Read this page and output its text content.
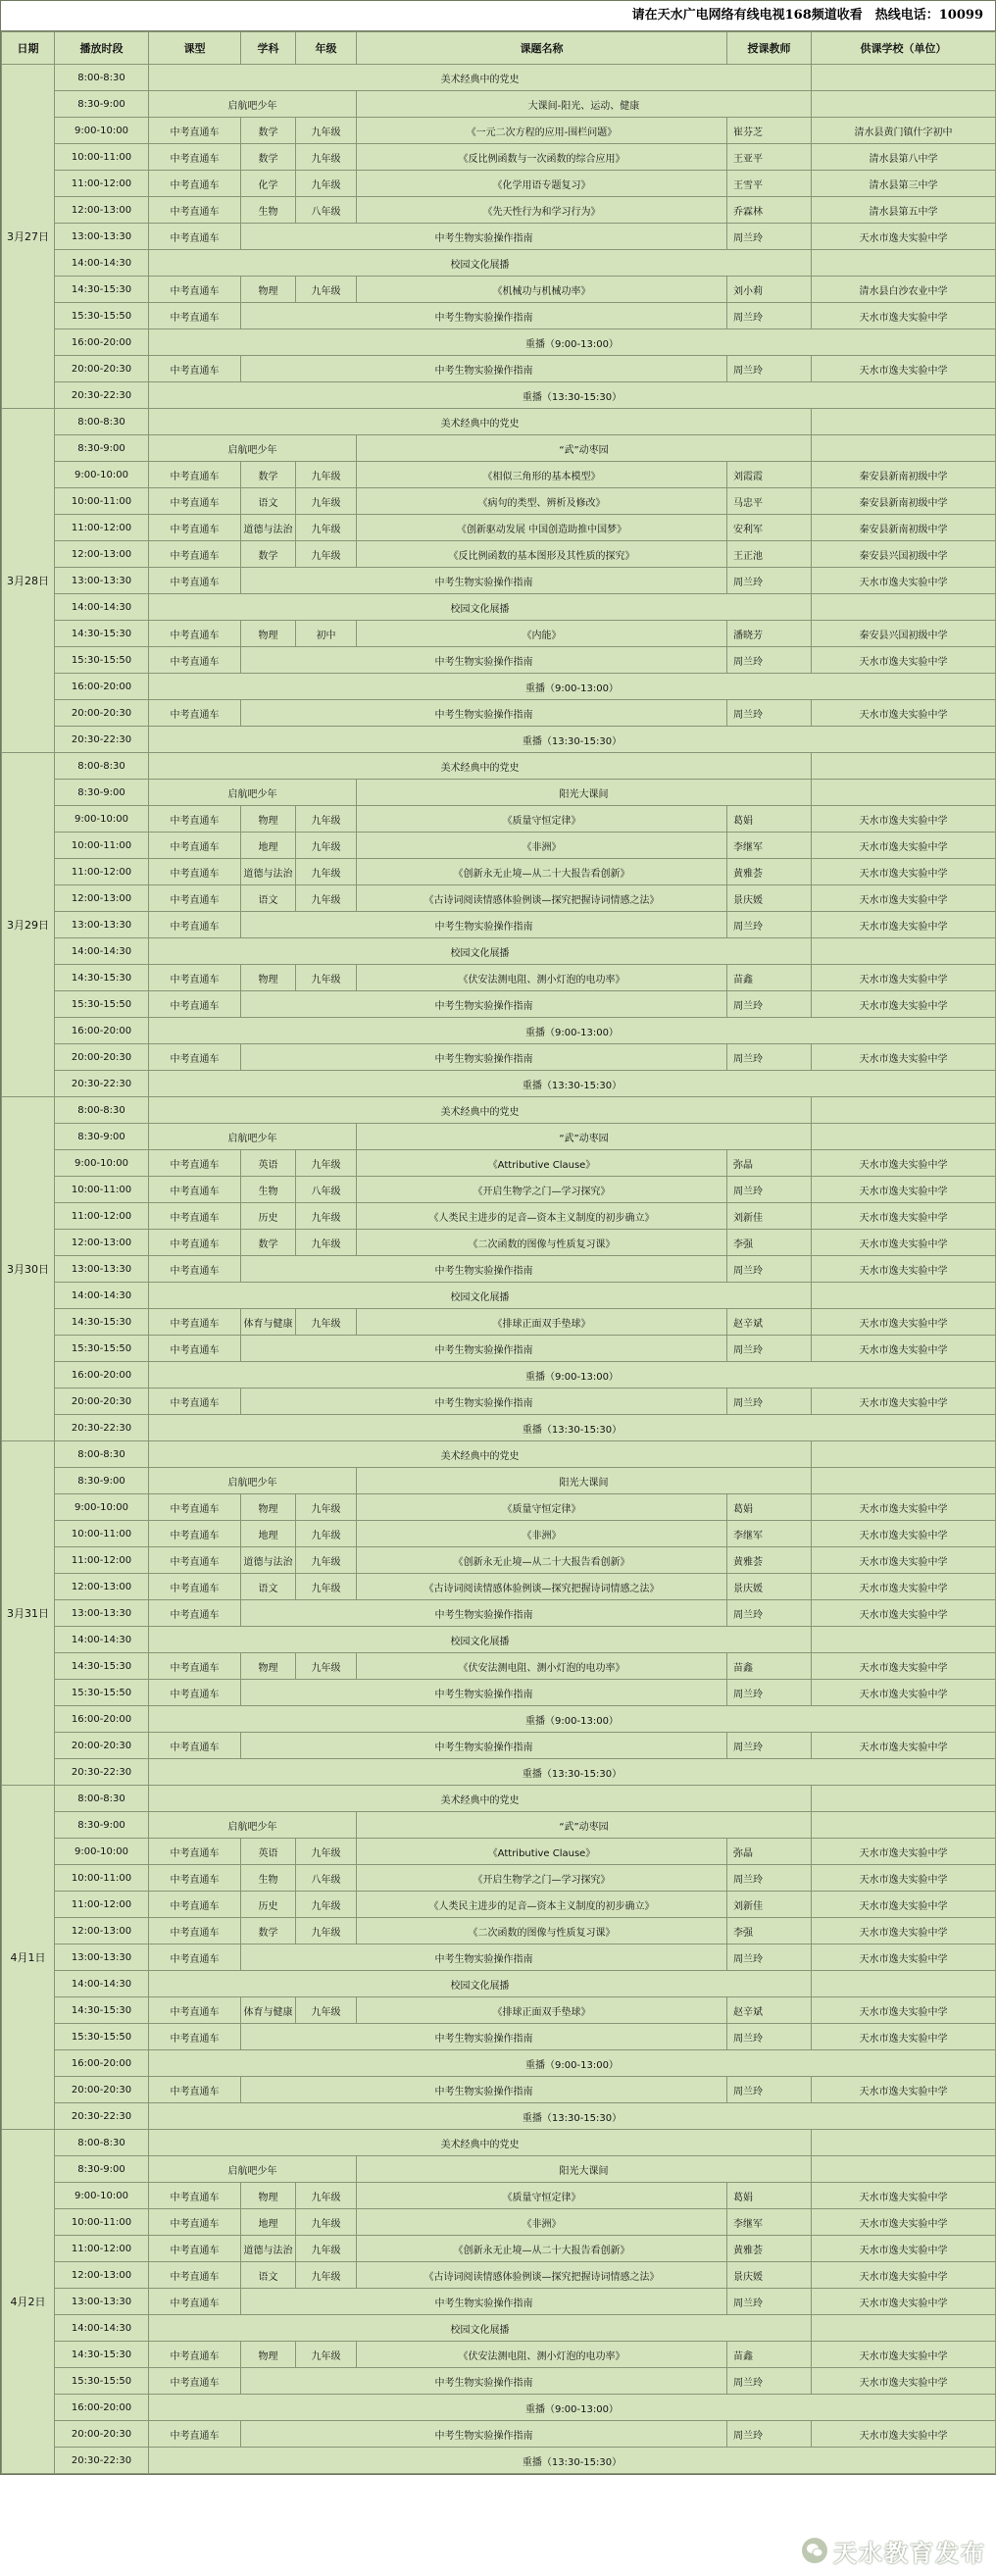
请在天水广电网络有线电视168频道收看　热线电话：10099
日期	播放时段	课型	学科	年级	课题名称	授课教师	供课学校（单位）	
3月27日	8:00-8:30	美术经典中的党史		
	8:30-9:00	启航吧少年			大课间-阳光、运动、健康		
	9:00-10:00	中考直通车	数学	九年级	《一元二次方程的应用-围栏问题》	崔芬芝	清水县黄门镇什字初中	
	10:00-11:00	中考直通车	数学	九年级	《反比例函数与一次函数的综合应用》	王亚平	清水县第八中学	
	11:00-12:00	中考直通车	化学	九年级	《化学用语专题复习》	王雪平	清水县第三中学	
	12:00-13:00	中考直通车	生物	八年级	《先天性行为和学习行为》	乔霖林	清水县第五中学	
	13:00-13:30	中考直通车	中考生物实验操作指南			周兰玲	天水市逸夫实验中学	
	14:00-14:30	校园文化展播		
	14:30-15:30	中考直通车	物理	九年级	《机械功与机械功率》	刘小莉	清水县白沙农业中学	
	15:30-15:50	中考直通车	中考生物实验操作指南			周兰玲	天水市逸夫实验中学	
	16:00-20:00	重播（9:00-13:00）						
	20:00-20:30	中考直通车	中考生物实验操作指南			周兰玲	天水市逸夫实验中学	
	20:30-22:30	重播（13:30-15:30）						
3月28日	8:00-8:30	美术经典中的党史		
	8:30-9:00	启航吧少年			“武”动枣园		
	9:00-10:00	中考直通车	数学	九年级	《相似三角形的基本模型》	刘霞霞	秦安县新南初级中学	
	10:00-11:00	中考直通车	语文	九年级	《病句的类型、辨析及修改》	马忠平	秦安县新南初级中学	
	11:00-12:00	中考直通车	道德与法治	九年级	《创新驱动发展 中国创造助推中国梦》	安利军	秦安县新南初级中学	
	12:00-13:00	中考直通车	数学	九年级	《反比例函数的基本图形及其性质的探究》	王正池	秦安县兴国初级中学	
	13:00-13:30	中考直通车	中考生物实验操作指南			周兰玲	天水市逸夫实验中学	
	14:00-14:30	校园文化展播		
	14:30-15:30	中考直通车	物理	初中	《内能》	潘晓芳	秦安县兴国初级中学	
	15:30-15:50	中考直通车	中考生物实验操作指南			周兰玲	天水市逸夫实验中学	
	16:00-20:00	重播（9:00-13:00）						
	20:00-20:30	中考直通车	中考生物实验操作指南			周兰玲	天水市逸夫实验中学	
	20:30-22:30	重播（13:30-15:30）						
3月29日	8:00-8:30	美术经典中的党史		
	8:30-9:00	启航吧少年			阳光大课间		
	9:00-10:00	中考直通车	物理	九年级	《质量守恒定律》	葛娟	天水市逸夫实验中学	
	10:00-11:00	中考直通车	地理	九年级	《非洲》	李继军	天水市逸夫实验中学	
	11:00-12:00	中考直通车	道德与法治	九年级	《创新永无止境—从二十大报告看创新》	黄雅荟	天水市逸夫实验中学	
	12:00-13:00	中考直通车	语文	九年级	《古诗词阅读情感体验例谈—探究把握诗词情感之法》	景庆媛	天水市逸夫实验中学	
	13:00-13:30	中考直通车	中考生物实验操作指南			周兰玲	天水市逸夫实验中学	
	14:00-14:30	校园文化展播		
	14:30-15:30	中考直通车	物理	九年级	《伏安法测电阻、测小灯泡的电功率》	苗鑫	天水市逸夫实验中学	
	15:30-15:50	中考直通车	中考生物实验操作指南			周兰玲	天水市逸夫实验中学	
	16:00-20:00	重播（9:00-13:00）						
	20:00-20:30	中考直通车	中考生物实验操作指南			周兰玲	天水市逸夫实验中学	
	20:30-22:30	重播（13:30-15:30）						
3月30日	8:00-8:30	美术经典中的党史		
	8:30-9:00	启航吧少年			“武”动枣园		
	9:00-10:00	中考直通车	英语	九年级	《Attributive Clause》	弥晶	天水市逸夫实验中学	
	10:00-11:00	中考直通车	生物	八年级	《开启生物学之门—学习探究》	周兰玲	天水市逸夫实验中学	
	11:00-12:00	中考直通车	历史	九年级	《人类民主进步的足音—资本主义制度的初步确立》	刘新佳	天水市逸夫实验中学	
	12:00-13:00	中考直通车	数学	九年级	《二次函数的图像与性质复习课》	李强	天水市逸夫实验中学	
	13:00-13:30	中考直通车	中考生物实验操作指南			周兰玲	天水市逸夫实验中学	
	14:00-14:30	校园文化展播		
	14:30-15:30	中考直通车	体育与健康	九年级	《排球正面双手垫球》	赵辛斌	天水市逸夫实验中学	
	15:30-15:50	中考直通车	中考生物实验操作指南			周兰玲	天水市逸夫实验中学	
	16:00-20:00	重播（9:00-13:00）						
	20:00-20:30	中考直通车	中考生物实验操作指南			周兰玲	天水市逸夫实验中学	
	20:30-22:30	重播（13:30-15:30）						
3月31日	8:00-8:30	美术经典中的党史		
	8:30-9:00	启航吧少年			阳光大课间		
	9:00-10:00	中考直通车	物理	九年级	《质量守恒定律》	葛娟	天水市逸夫实验中学	
	10:00-11:00	中考直通车	地理	九年级	《非洲》	李继军	天水市逸夫实验中学	
	11:00-12:00	中考直通车	道德与法治	九年级	《创新永无止境—从二十大报告看创新》	黄雅荟	天水市逸夫实验中学	
	12:00-13:00	中考直通车	语文	九年级	《古诗词阅读情感体验例谈—探究把握诗词情感之法》	景庆媛	天水市逸夫实验中学	
	13:00-13:30	中考直通车	中考生物实验操作指南			周兰玲	天水市逸夫实验中学	
	14:00-14:30	校园文化展播		
	14:30-15:30	中考直通车	物理	九年级	《伏安法测电阻、测小灯泡的电功率》	苗鑫	天水市逸夫实验中学	
	15:30-15:50	中考直通车	中考生物实验操作指南			周兰玲	天水市逸夫实验中学	
	16:00-20:00	重播（9:00-13:00）						
	20:00-20:30	中考直通车	中考生物实验操作指南			周兰玲	天水市逸夫实验中学	
	20:30-22:30	重播（13:30-15:30）						
4月1日	8:00-8:30	美术经典中的党史		
	8:30-9:00	启航吧少年			“武”动枣园		
	9:00-10:00	中考直通车	英语	九年级	《Attributive Clause》	弥晶	天水市逸夫实验中学	
	10:00-11:00	中考直通车	生物	八年级	《开启生物学之门—学习探究》	周兰玲	天水市逸夫实验中学	
	11:00-12:00	中考直通车	历史	九年级	《人类民主进步的足音—资本主义制度的初步确立》	刘新佳	天水市逸夫实验中学	
	12:00-13:00	中考直通车	数学	九年级	《二次函数的图像与性质复习课》	李强	天水市逸夫实验中学	
	13:00-13:30	中考直通车	中考生物实验操作指南			周兰玲	天水市逸夫实验中学	
	14:00-14:30	校园文化展播		
	14:30-15:30	中考直通车	体育与健康	九年级	《排球正面双手垫球》	赵辛斌	天水市逸夫实验中学	
	15:30-15:50	中考直通车	中考生物实验操作指南			周兰玲	天水市逸夫实验中学	
	16:00-20:00	重播（9:00-13:00）						
	20:00-20:30	中考直通车	中考生物实验操作指南			周兰玲	天水市逸夫实验中学	
	20:30-22:30	重播（13:30-15:30）						
4月2日	8:00-8:30	美术经典中的党史		
	8:30-9:00	启航吧少年			阳光大课间		
	9:00-10:00	中考直通车	物理	九年级	《质量守恒定律》	葛娟	天水市逸夫实验中学	
	10:00-11:00	中考直通车	地理	九年级	《非洲》	李继军	天水市逸夫实验中学	
	11:00-12:00	中考直通车	道德与法治	九年级	《创新永无止境—从二十大报告看创新》	黄雅荟	天水市逸夫实验中学	
	12:00-13:00	中考直通车	语文	九年级	《古诗词阅读情感体验例谈—探究把握诗词情感之法》	景庆媛	天水市逸夫实验中学	
	13:00-13:30	中考直通车	中考生物实验操作指南			周兰玲	天水市逸夫实验中学	
	14:00-14:30	校园文化展播		
	14:30-15:30	中考直通车	物理	九年级	《伏安法测电阻、测小灯泡的电功率》	苗鑫	天水市逸夫实验中学	
	15:30-15:50	中考直通车	中考生物实验操作指南			周兰玲	天水市逸夫实验中学	
	16:00-20:00	重播（9:00-13:00）						
	20:00-20:30	中考直通车	中考生物实验操作指南			周兰玲	天水市逸夫实验中学	
	20:30-22:30	重播（13:30-15:30）						
天水教育发布
